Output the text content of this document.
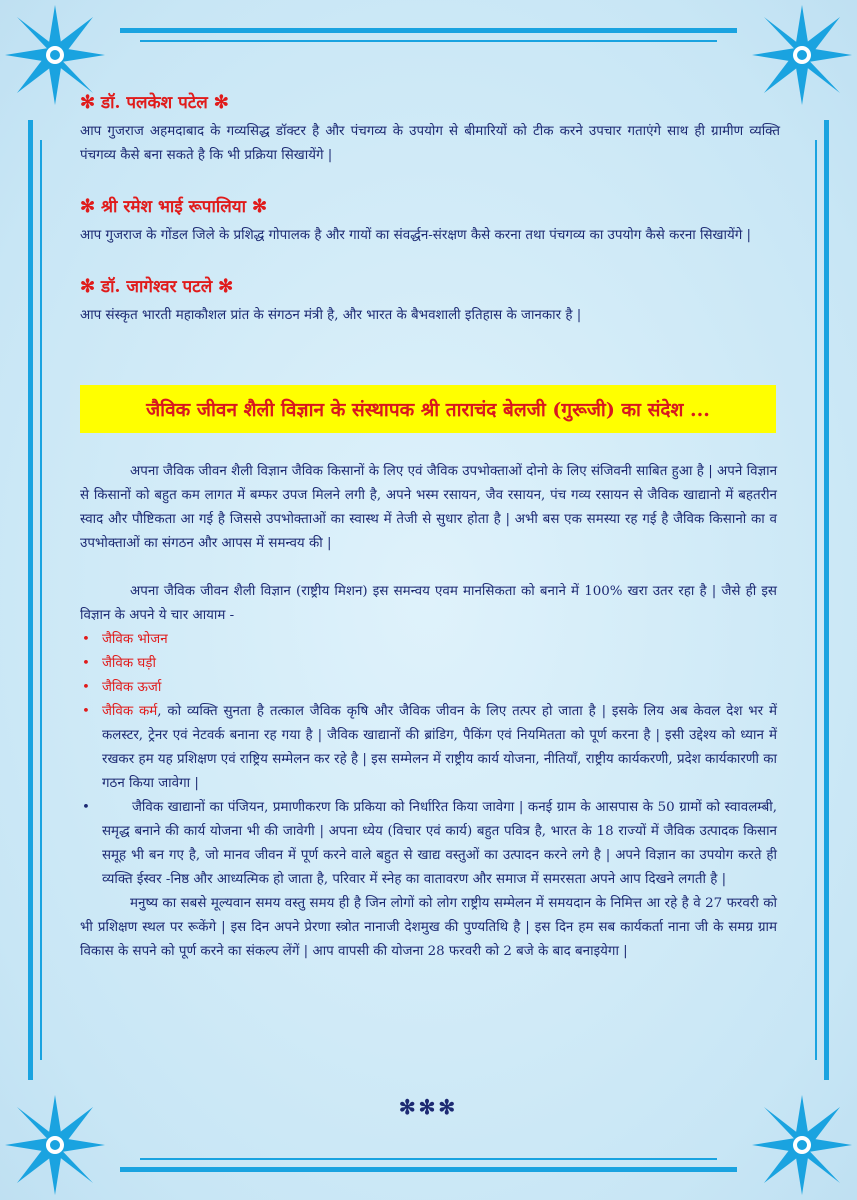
✻ डॉ. पलकेश पटेल ✻
आप गुजराज अहमदाबाद के गव्यसिद्ध डॉक्टर है और पंचगव्य के उपयोग से बीमारियों को टीक करने उपचार गताएंगे साथ ही ग्रामीण व्यक्ति पंचगव्य कैसे बना सकते है कि भी प्रक्रिया सिखायेंगे |
✻ श्री रमेश भाई रूपालिया ✻
आप गुजराज के गोंडल जिले के प्रशिद्ध गोपालक है और गायों का संवर्द्धन-संरक्षण कैसे करना तथा पंचगव्य का उपयोग कैसे करना सिखायेंगे |
✻ डॉ. जागेश्वर पटले ✻
आप संस्कृत भारती महाकौशल प्रांत के संगठन मंत्री है, और भारत के बैभवशाली इतिहास के जानकार है |
जैविक जीवन शैली विज्ञान के संस्थापक श्री ताराचंद बेलजी (गुरूजी) का संदेश ...
अपना जैविक जीवन शैली विज्ञान जैविक किसानों के लिए एवं जैविक उपभोक्ताओं दोनो के लिए संजिवनी साबित हुआ है | अपने विज्ञान से किसानों को बहुत कम लागत में बम्फर उपज मिलने लगी है, अपने भस्म रसायन, जैव रसायन, पंच गव्य रसायन से जैविक खाद्यानो में बहतरीन स्वाद और पौष्टिकता आ गई है जिससे उपभोक्ताओं का स्वास्थ में तेजी से सुधार होता है | अभी बस एक समस्या रह गई है जैविक किसानो का व उपभोक्ताओं का संगठन और आपस में समन्वय की |
अपना जैविक जीवन शैली विज्ञान (राष्ट्रीय मिशन) इस समन्वय एवम मानसिकता को बनाने में 100% खरा उतर रहा है | जैसे ही इस विज्ञान के अपने ये चार आयाम -
• जैविक भोजन
• जैविक घड़ी
• जैविक ऊर्जा
• जैविक कर्म, को व्यक्ति सुनता है तत्काल जैविक कृषि और जैविक जीवन के लिए तत्पर हो जाता है | इसके लिय अब केवल देश भर में कलस्टर, ट्रेनर एवं नेटवर्क बनाना रह गया है | जैविक खाद्यानों की ब्रांडिग, पैकिंग एवं नियमितता को पूर्ण करना है | इसी उद्देश्य को ध्यान में रखकर हम यह प्रशिक्षण एवं राष्ट्रिय सम्मेलन कर रहे है | इस सम्मेलन में राष्ट्रीय कार्य योजना, नीतियाँ, राष्ट्रीय कार्यकरणी, प्रदेश कार्यकारणी का गठन किया जावेगा |
•	जैविक खाद्यानों का पंजियन, प्रमाणीकरण कि प्रकिया को निर्धारित किया जावेगा | कनई ग्राम के आसपास के 50 ग्रामों को स्वावलम्बी, समृद्ध बनाने की कार्य योजना भी की जावेगी | अपना ध्येय (विचार एवं कार्य) बहुत पवित्र है, भारत के 18 राज्यों में जैविक उत्पादक किसान समूह भी बन गए है, जो मानव जीवन में पूर्ण करने वाले बहुत से खाद्य वस्तुओं का उत्पादन करने लगे है | अपने विज्ञान का उपयोग करते ही व्यक्ति ईस्वर -निष्ठ और आध्यत्मिक हो जाता है, परिवार में स्नेह का वातावरण और समाज में समरसता अपने आप दिखने लगती है |
मनुष्य का सबसे मूल्यवान समय वस्तु समय ही है जिन लोगों को लोग राष्ट्रीय सम्मेलन में समयदान के निमित्त आ रहे है वे 27 फरवरी को भी प्रशिक्षण स्थल पर रूकेंगे | इस दिन अपने प्रेरणा स्त्रोत नानाजी देशमुख की पुण्यतिथि है | इस दिन हम सब कार्यकर्ता नाना जी के समग्र ग्राम विकास के सपने को पूर्ण करने का संकल्प लेंगें | आप वापसी की योजना 28 फरवरी को 2 बजे के बाद बनाइयेगा |
✻✻✻
